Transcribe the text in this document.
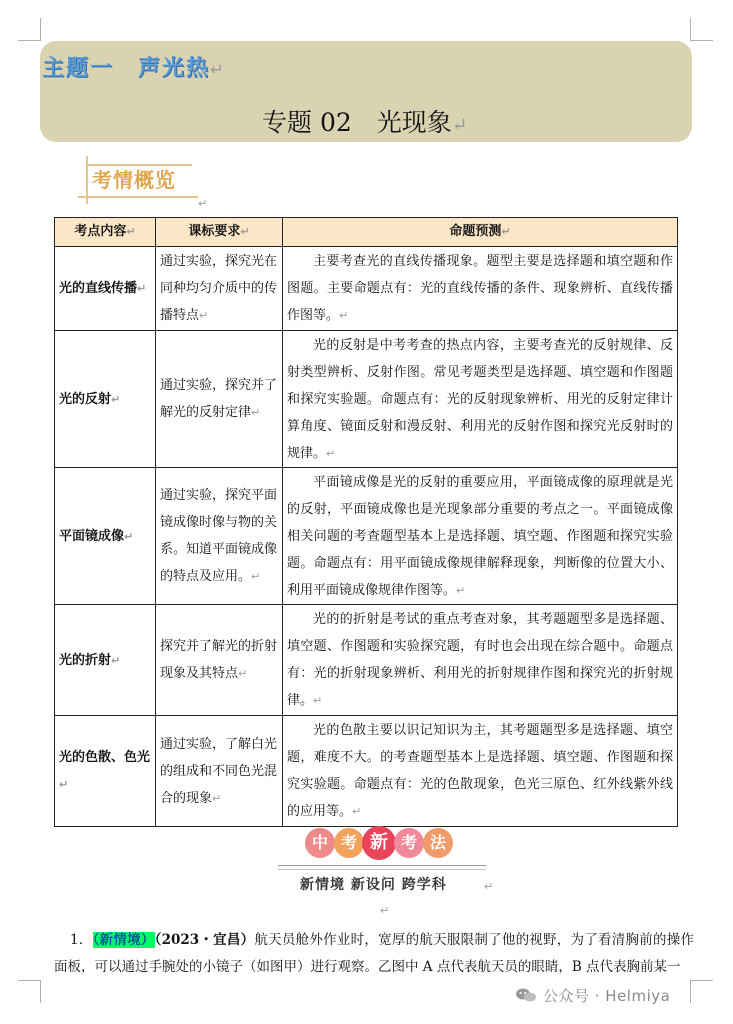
主题一　声光热↵
专题 02　光现象↵
考情概览
↵
考点内容↵	课标要求↵	命题预测↵
光的直线传播↵	通过实验，探究光在同种均匀介质中的传播特点↵	主要考查光的直线传播现象。题型主要是选择题和填空题和作图题。主要命题点有：光的直线传播的条件、现象辨析、直线传播作图等。↵
光的反射↵	通过实验，探究并了解光的反射定律↵	光的反射是中考考查的热点内容，主要考查光的反射规律、反射类型辨析、反射作图。常见考题类型是选择题、填空题和作图题和探究实验题。命题点有：光的反射现象辨析、用光的反射定律计算角度、镜面反射和漫反射、利用光的反射作图和探究光反射时的规律。↵
平面镜成像↵	通过实验，探究平面镜成像时像与物的关系。知道平面镜成像的特点及应用。↵	平面镜成像是光的反射的重要应用，平面镜成像的原理就是光的反射，平面镜成像也是光现象部分重要的考点之一。平面镜成像相关问题的考查题型基本上是选择题、填空题、作图题和探究实验题。命题点有：用平面镜成像规律解释现象，判断像的位置大小、利用平面镜成像规律作图等。↵
光的折射↵	探究并了解光的折射现象及其特点↵	光的的折射是考试的重点考查对象，其考题题型多是选择题、填空题、作图题和实验探究题，有时也会出现在综合题中。命题点有：光的折射现象辨析、利用光的折射规律作图和探究光的折射规律。↵
光的色散、色光↵	通过实验，了解白光的组成和不同色光混合的现象↵	光的色散主要以识记知识为主，其考题题型多是选择题、填空题，难度不大。的考查题型基本上是选择题、填空题、作图题和探究实验题。命题点有：光的色散现象，色光三原色、红外线紫外线的应用等。↵
中 考 新 考 法
新情境 新设问 跨学科	↵
↵
1．（新情境）（2023・宜昌）航天员舱外作业时，宽厚的航天服限制了他的视野，为了看清胸前的操作面板，可以通过手腕处的小镜子（如图甲）进行观察。乙图中 A 点代表航天员的眼睛，B 点代表胸前某一
公众号 · Helmiya
